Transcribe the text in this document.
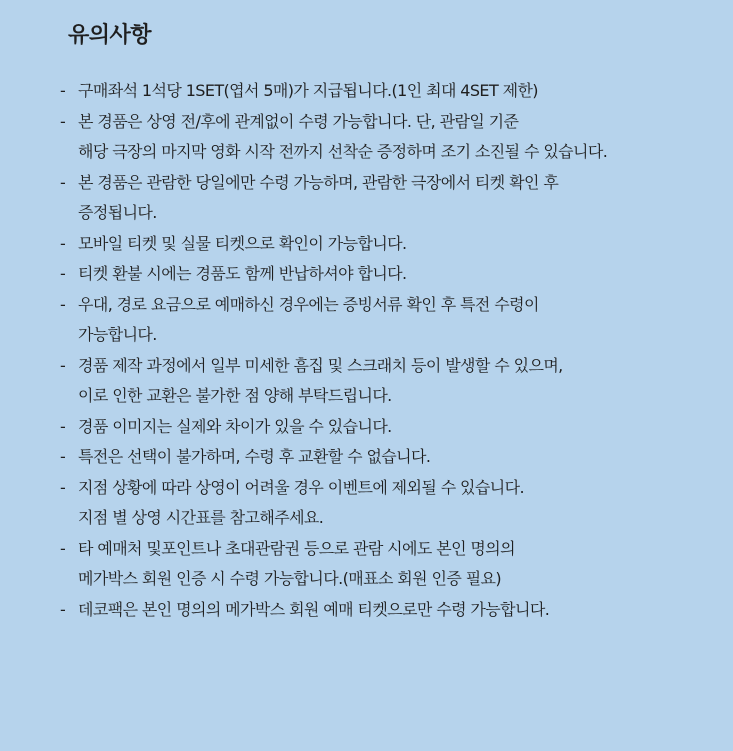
유의사항
- 구매좌석 1석당 1SET(엽서 5매)가 지급됩니다.(1인 최대 4SET 제한)
- 본 경품은 상영 전/후에 관계없이 수령 가능합니다. 단, 관람일 기준
해당 극장의 마지막 영화 시작 전까지 선착순 증정하며 조기 소진될 수 있습니다.
- 본 경품은 관람한 당일에만 수령 가능하며, 관람한 극장에서 티켓 확인 후
증정됩니다.
- 모바일 티켓 및 실물 티켓으로 확인이 가능합니다.
- 티켓 환불 시에는 경품도 함께 반납하셔야 합니다.
- 우대, 경로 요금으로 예매하신 경우에는 증빙서류 확인 후 특전 수령이
가능합니다.
- 경품 제작 과정에서 일부 미세한 흠집 및 스크래치 등이 발생할 수 있으며,
이로 인한 교환은 불가한 점 양해 부탁드립니다.
- 경품 이미지는 실제와 차이가 있을 수 있습니다.
- 특전은 선택이 불가하며, 수령 후 교환할 수 없습니다.
- 지점 상황에 따라 상영이 어려울 경우 이벤트에 제외될 수 있습니다.
지점 별 상영 시간표를 참고해주세요.
- 타 예매처 및포인트나 초대관람권 등으로 관람 시에도 본인 명의의
메가박스 회원 인증 시 수령 가능합니다.(매표소 회원 인증 필요)
- 데코팩은 본인 명의의 메가박스 회원 예매 티켓으로만 수령 가능합니다.
